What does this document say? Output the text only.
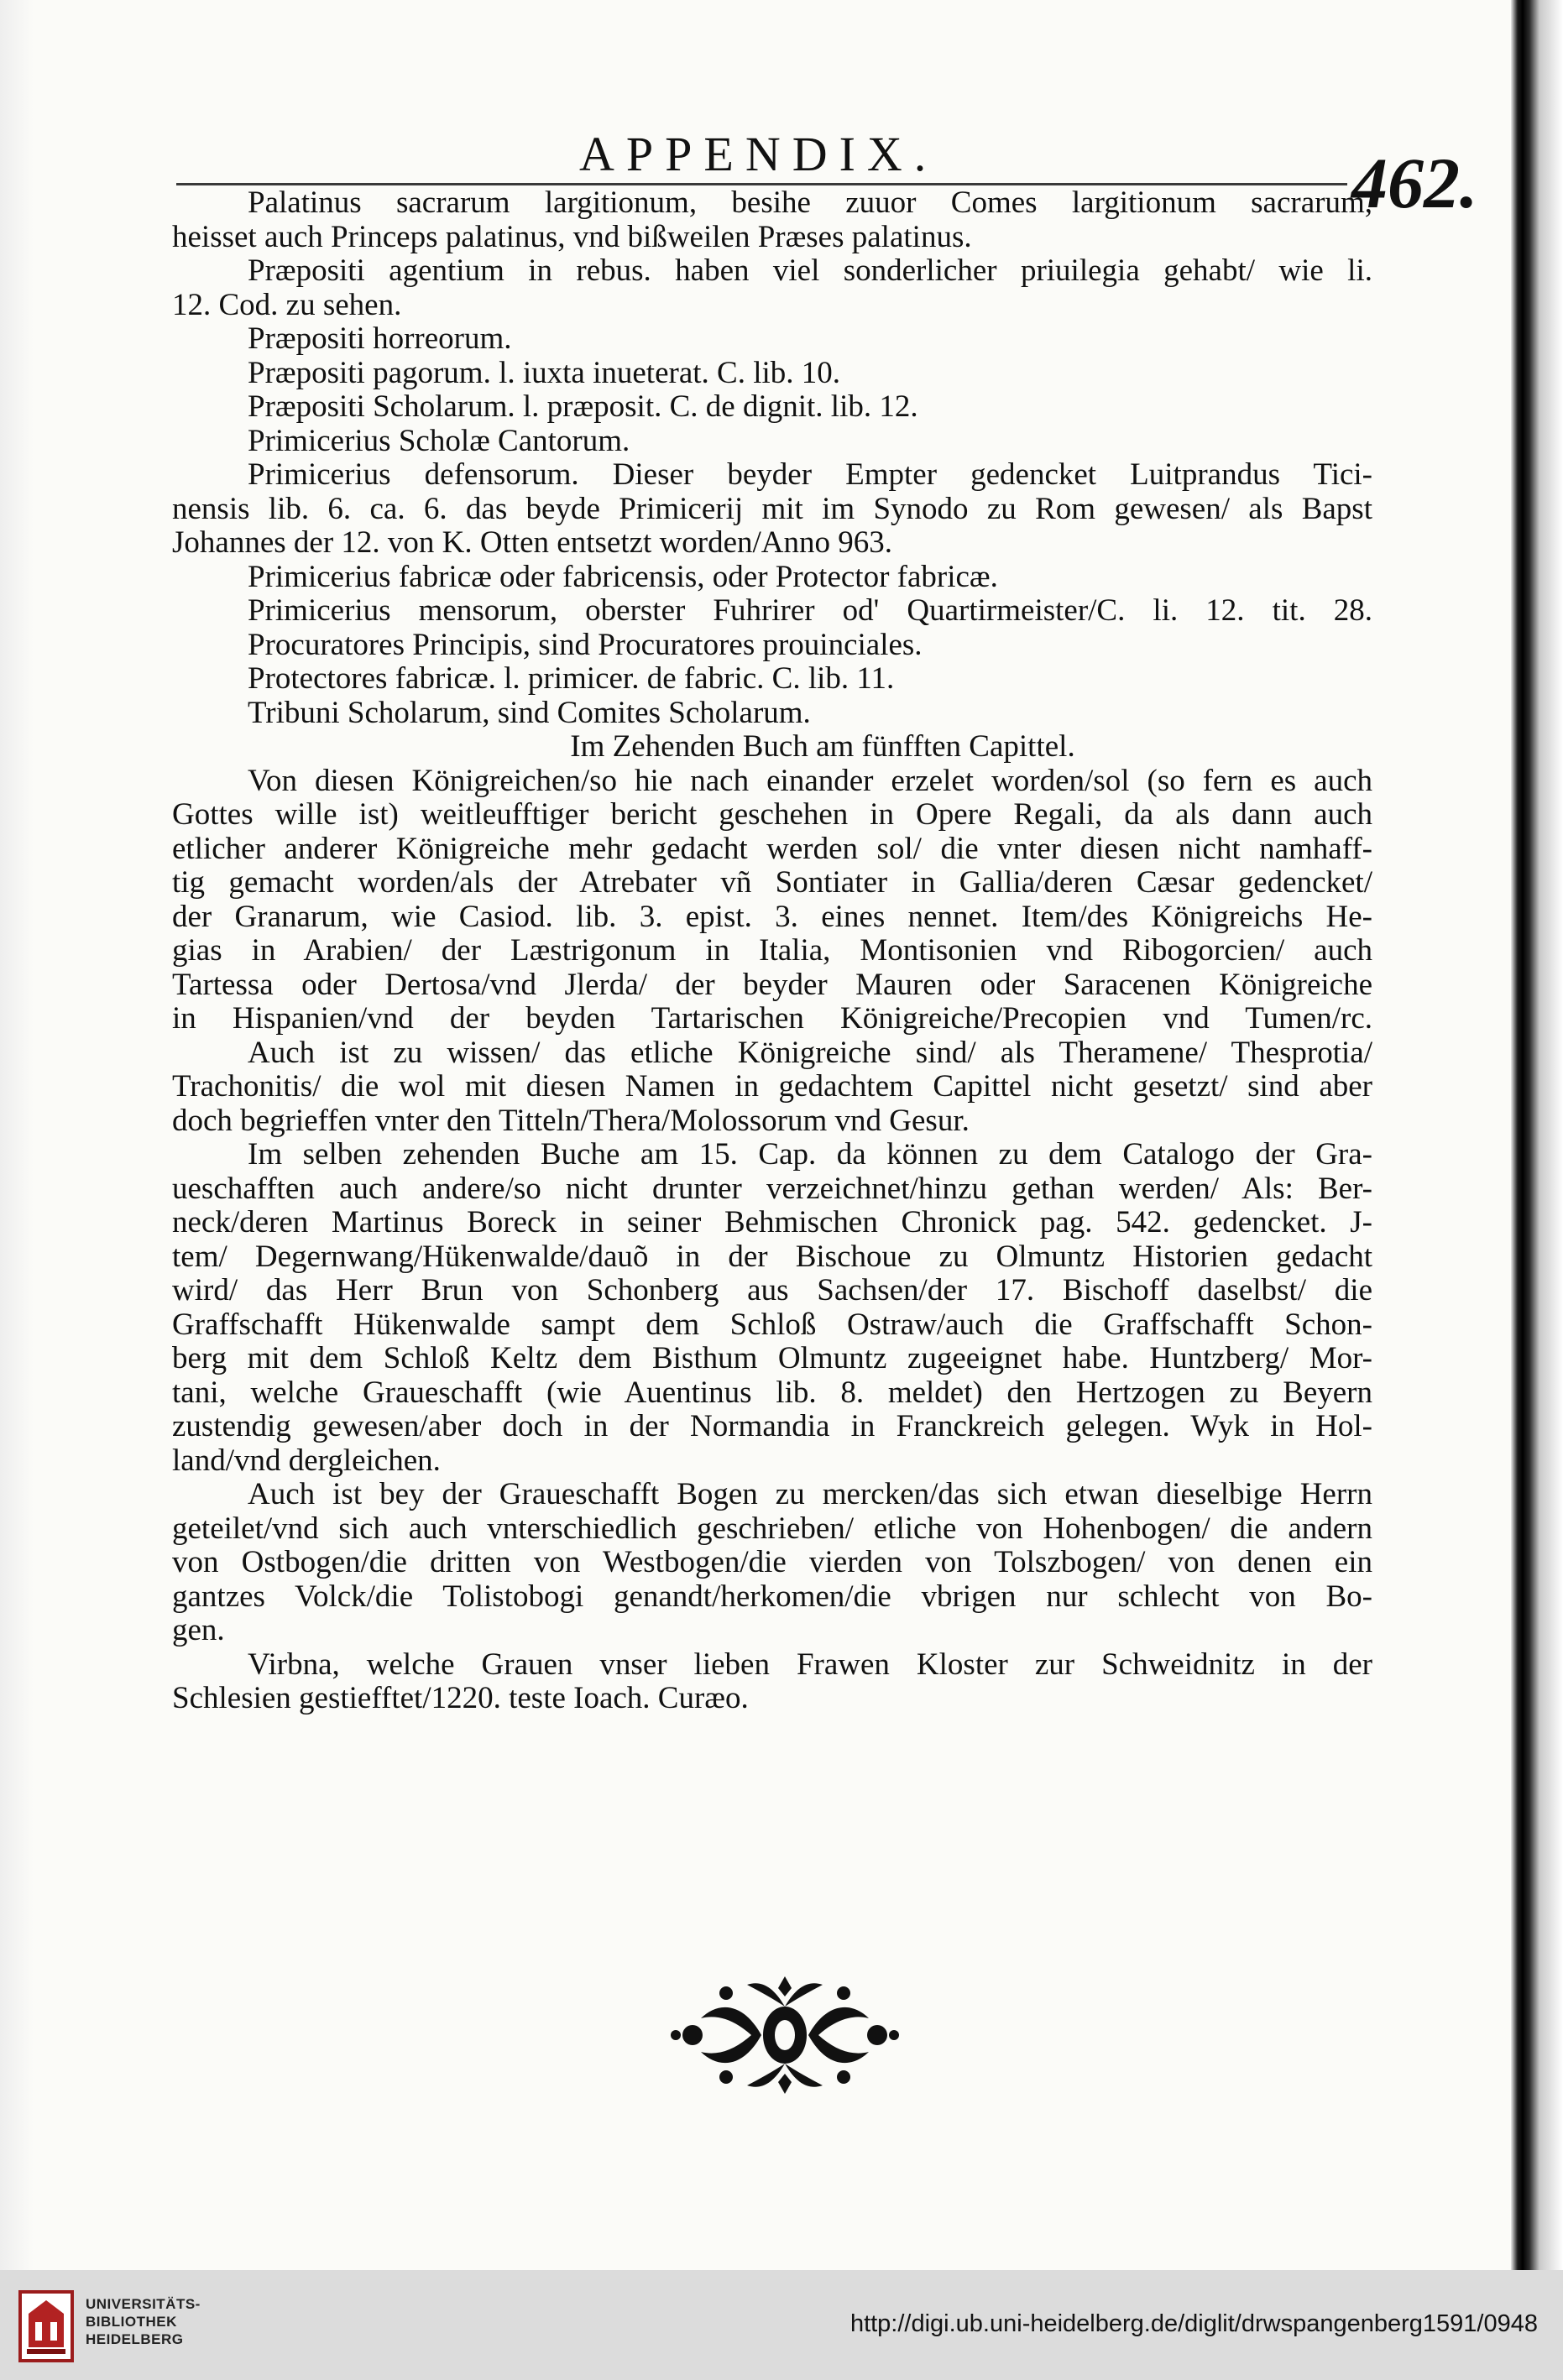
APPENDIX.	462.
Palatinus sacrarum largitionum, besihe zuuor Comes largitionum sacrarum,
heisset auch Princeps palatinus, vnd bißweilen Præses palatinus.
Præpositi agentium in rebus. haben viel sonderlicher priuilegia gehabt/ wie li.
12. Cod. zu sehen.
Præpositi horreorum.
Præpositi pagorum. l. iuxta inueterat. C. lib. 10.
Præpositi Scholarum. l. præposit. C. de dignit. lib. 12.
Primicerius Scholæ Cantorum.
Primicerius defensorum. Dieser beyder Empter gedencket Luitprandus Tici-
nensis lib. 6. ca. 6. das beyde Primicerij mit im Synodo zu Rom gewesen/ als Bapst
Johannes der 12. von K. Otten entsetzt worden/Anno 963.
Primicerius fabricæ oder fabricensis, oder Protector fabricæ.
Primicerius mensorum, oberster Fuhrirer od' Quartirmeister/C. li. 12. tit. 28.
Procuratores Principis, sind Procuratores prouinciales.
Protectores fabricæ. l. primicer. de fabric. C. lib. 11.
Tribuni Scholarum, sind Comites Scholarum.
Im Zehenden Buch am fünfften Capittel.
Von diesen Königreichen/so hie nach einander erzelet worden/sol (so fern es auch
Gottes wille ist) weitleufftiger bericht geschehen in Opere Regali, da als dann auch
etlicher anderer Königreiche mehr gedacht werden sol/ die vnter diesen nicht namhaff-
tig gemacht worden/als der Atrebater vñ Sontiater in Gallia/deren Cæsar gedencket/
der Granarum, wie Casiod. lib. 3. epist. 3. eines nennet. Item/des Königreichs He-
gias in Arabien/ der Læstrigonum in Italia, Montisonien vnd Ribogorcien/ auch
Tartessa oder Dertosa/vnd Jlerda/ der beyder Mauren oder Saracenen Königreiche
in Hispanien/vnd der beyden Tartarischen Königreiche/Precopien vnd Tumen/rc.
Auch ist zu wissen/ das etliche Königreiche sind/ als Theramene/ Thesprotia/
Trachonitis/ die wol mit diesen Namen in gedachtem Capittel nicht gesetzt/ sind aber
doch begrieffen vnter den Titteln/Thera/Molossorum vnd Gesur.
Im selben zehenden Buche am 15. Cap. da können zu dem Catalogo der Gra-
ueschafften auch andere/so nicht drunter verzeichnet/hinzu gethan werden/ Als: Ber-
neck/deren Martinus Boreck in seiner Behmischen Chronick pag. 542. gedencket. J-
tem/ Degernwang/Hükenwalde/dauõ in der Bischoue zu Olmuntz Historien gedacht
wird/ das Herr Brun von Schonberg aus Sachsen/der 17. Bischoff daselbst/ die
Graffschafft Hükenwalde sampt dem Schloß Ostraw/auch die Graffschafft Schon-
berg mit dem Schloß Keltz dem Bisthum Olmuntz zugeeignet habe. Huntzberg/ Mor-
tani, welche Graueschafft (wie Auentinus lib. 8. meldet) den Hertzogen zu Beyern
zustendig gewesen/aber doch in der Normandia in Franckreich gelegen. Wyk in Hol-
land/vnd dergleichen.
Auch ist bey der Graueschafft Bogen zu mercken/das sich etwan dieselbige Herrn
geteilet/vnd sich auch vnterschiedlich geschrieben/ etliche von Hohenbogen/ die andern
von Ostbogen/die dritten von Westbogen/die vierden von Tolszbogen/ von denen ein
gantzes Volck/die Tolistobogi genandt/herkomen/die vbrigen nur schlecht von Bo-
gen.
Virbna, welche Grauen vnser lieben Frawen Kloster zur Schweidnitz in der
Schlesien gestiefftet/1220. teste Ioach. Curæo.
UNIVERSITÄTS-
BIBLIOTHEK
HEIDELBERG
http://digi.ub.uni-heidelberg.de/diglit/drwspangenberg1591/0948
